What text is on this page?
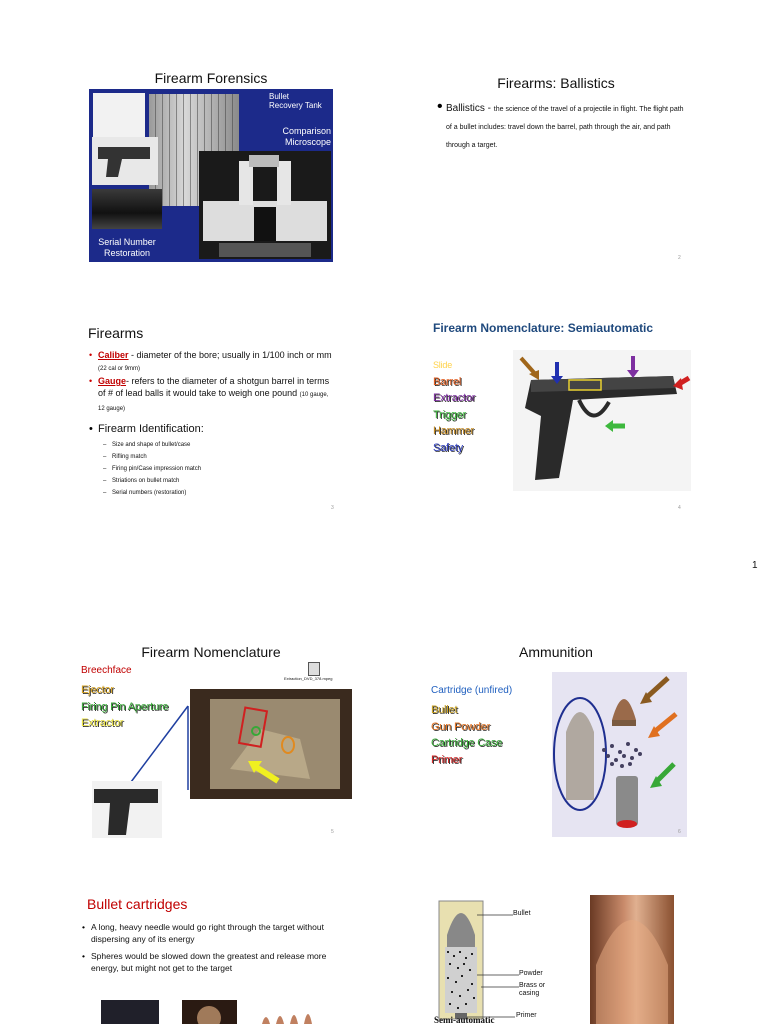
Firearm Forensics
Bullet
Recovery Tank
Comparison
Microscope
Serial Number
Restoration
Firearms: Ballistics
Ballistics - the science of the travel of a projectile in flight. The flight path of a bullet includes: travel down the barrel, path through the air, and path through a target.
2
Firearms
• Caliber - diameter of the bore; usually in 1/100 inch or mm (22 cal or 9mm)
• Gauge- refers to the diameter of a shotgun barrel in terms of # of lead balls it would take to weigh one pound (10 gauge, 12 gauge)
• Firearm Identification:
– Size and shape of bullet/case
– Rifling match
– Firing pin/Case impression match
– Striations on bullet match
– Serial numbers (restoration)
3
Firearm Nomenclature: Semiautomatic
Slide
Barrel
Extractor
Trigger
Hammer
Safety
4
1
Firearm Nomenclature
Breechface
Ejector
Firing Pin Aperture
Extractor
Extraction_DVD_378.mpeg
5
Ammunition
Cartridge (unfired)
Bullet
Gun Powder
Cartridge Case
Primer
6
Bullet cartridges
• A long, heavy needle would go right through the target without dispersing any of its energy
• Spheres would be slowed down the greatest and release more energy, but might not get to the target
Bullet
Powder
Brass or casing
Primer
Semi-automatic
